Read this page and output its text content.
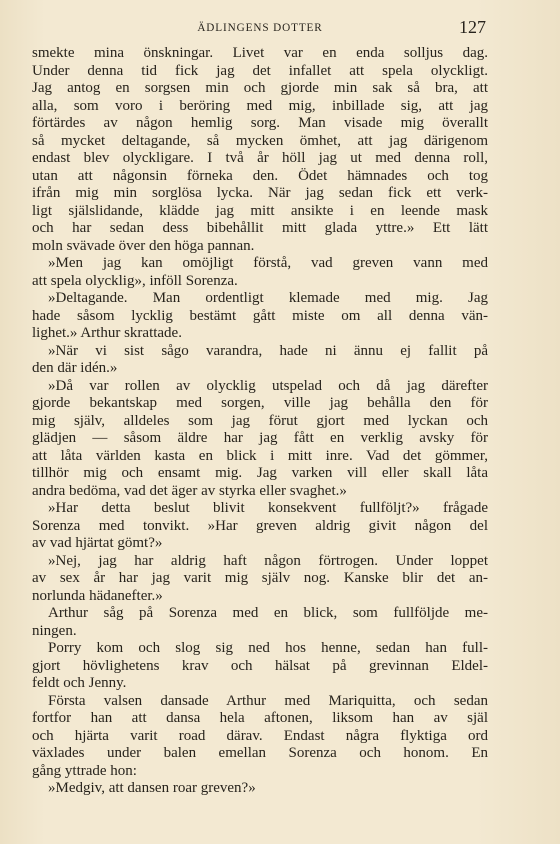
ÄDLINGENS DOTTER	127
smekte mina önskningar. Livet var en enda solljus dag.
Under denna tid fick jag det infallet att spela olyckligt.
Jag antog en sorgsen min och gjorde min sak så bra, att
alla, som voro i beröring med mig, inbillade sig, att jag
förtärdes av någon hemlig sorg. Man visade mig överallt
så mycket deltagande, så mycken ömhet, att jag därigenom
endast blev olyckligare. I två år höll jag ut med denna roll,
utan att någonsin förneka den. Ödet hämnades och tog
ifrån mig min sorglösa lycka. När jag sedan fick ett verk-
ligt själslidande, klädde jag mitt ansikte i en leende mask
och har sedan dess bibehållit mitt glada yttre.» Ett lätt
moln svävade över den höga pannan.
»Men jag kan omöjligt förstå, vad greven vann med
att spela olycklig», inföll Sorenza.
»Deltagande. Man ordentligt klemade med mig. Jag
hade såsom lycklig bestämt gått miste om all denna vän-
lighet.» Arthur skrattade.
»När vi sist sågo varandra, hade ni ännu ej fallit på
den där idén.»
»Då var rollen av olycklig utspelad och då jag därefter
gjorde bekantskap med sorgen, ville jag behålla den för
mig själv, alldeles som jag förut gjort med lyckan och
glädjen — såsom äldre har jag fått en verklig avsky för
att låta världen kasta en blick i mitt inre. Vad det gömmer,
tillhör mig och ensamt mig. Jag varken vill eller skall låta
andra bedöma, vad det äger av styrka eller svaghet.»
»Har detta beslut blivit konsekvent fullföljt?» frågade
Sorenza med tonvikt. »Har greven aldrig givit någon del
av vad hjärtat gömt?»
»Nej, jag har aldrig haft någon förtrogen. Under loppet
av sex år har jag varit mig själv nog. Kanske blir det an-
norlunda hädanefter.»
Arthur såg på Sorenza med en blick, som fullföljde me-
ningen.
Porry kom och slog sig ned hos henne, sedan han full-
gjort hövlighetens krav och hälsat på grevinnan Eldel-
feldt och Jenny.
Första valsen dansade Arthur med Mariquitta, och sedan
fortfor han att dansa hela aftonen, liksom han av själ
och hjärta varit road därav. Endast några flyktiga ord
växlades under balen emellan Sorenza och honom. En
gång yttrade hon:
»Medgiv, att dansen roar greven?»
